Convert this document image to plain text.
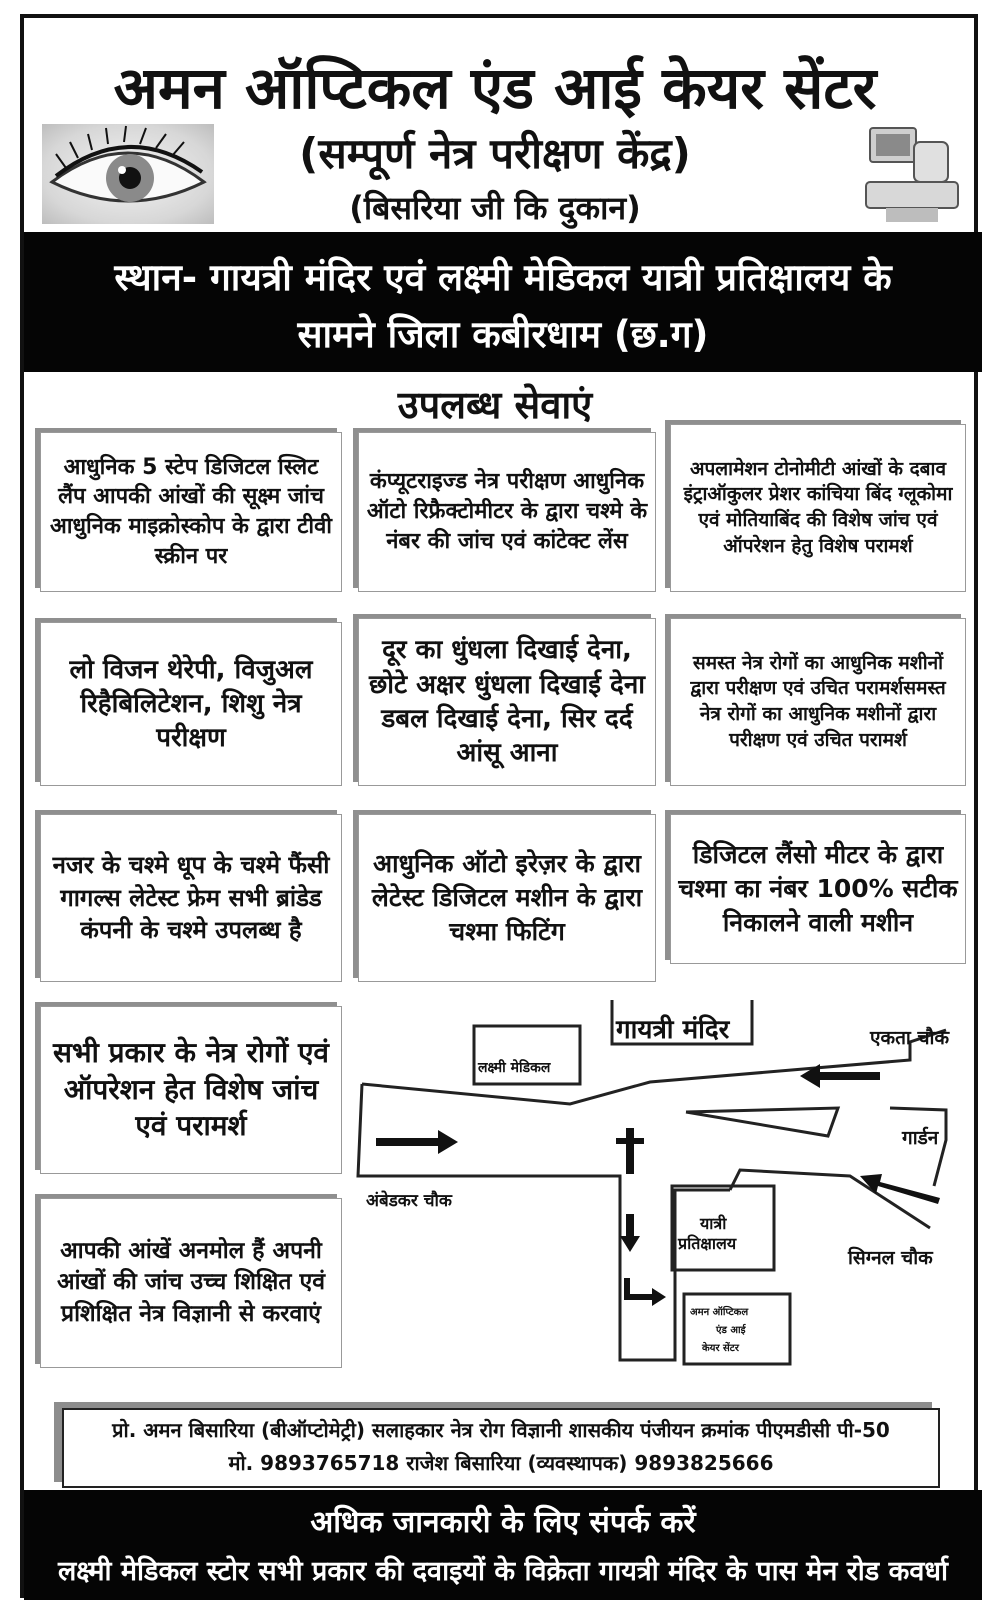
अमन ऑप्टिकल एंड आई केयर सेंटर
(सम्पूर्ण नेत्र परीक्षण केंद्र)
(बिसरिया जी कि दुकान)
स्थान- गायत्री मंदिर एवं लक्ष्मी मेडिकल यात्री प्रतिक्षालय के
सामने जिला कबीरधाम (छ.ग)
उपलब्ध सेवाएं
आधुनिक 5 स्टेप डिजिटल स्लिट लैंप आपकी आंखों की सूक्ष्म जांच आधुनिक माइक्रोस्कोप के द्वारा टीवी स्क्रीन पर
कंप्यूटराइज्ड नेत्र परीक्षण आधुनिक ऑटो रिफ्रैक्टोमीटर के द्वारा चश्मे के नंबर की जांच एवं कांटेक्ट लेंस
अपलामेशन टोनोमीटी आंखों के दबाव इंट्राऑकुलर प्रेशर कांचिया बिंद ग्लूकोमा एवं मोतियाबिंद की विशेष जांच एवं ऑपरेशन हेतु विशेष परामर्श
लो विजन थेरेपी, विजुअल रिहैबिलिटेशन, शिशु नेत्र परीक्षण
दूर का धुंधला दिखाई देना, छोटे अक्षर धुंधला दिखाई देना डबल दिखाई देना, सिर दर्द आंसू आना
समस्त नेत्र रोगों का आधुनिक मशीनों द्वारा परीक्षण एवं उचित परामर्शसमस्त नेत्र रोगों का आधुनिक मशीनों द्वारा परीक्षण एवं उचित परामर्श
नजर के चश्मे धूप के चश्मे फैंसी गागल्स लेटेस्ट फ्रेम सभी ब्रांडेड कंपनी के चश्मे उपलब्ध है
आधुनिक ऑटो इरेज़र के द्वारा लेटेस्ट डिजिटल मशीन के द्वारा चश्मा फिटिंग
डिजिटल लैंसो मीटर के द्वारा चश्मा का नंबर 100% सटीक निकालने वाली मशीन
सभी प्रकार के नेत्र रोगों एवं ऑपरेशन हेत विशेष जांच एवं परामर्श
आपकी आंखें अनमोल हैं अपनी आंखों की जांच उच्च शिक्षित एवं प्रशिक्षित नेत्र विज्ञानी से करवाएं
गायत्री मंदिर	एकता चौक
लक्ष्मी मेडिकल
गार्डन
अंबेडकर चौक
यात्री
प्रतिक्षालय
सिग्नल चौक
अमन ऑप्टिकल
एंड आई
केयर सेंटर
प्रो. अमन बिसारिया (बीऑप्टोमेट्री) सलाहकार नेत्र रोग विज्ञानी शासकीय पंजीयन क्रमांक पीएमडीसी पी-50
मो. 9893765718 राजेश बिसारिया (व्यवस्थापक) 9893825666
अधिक जानकारी के लिए संपर्क करें
लक्ष्मी मेडिकल स्टोर सभी प्रकार की दवाइयों के विक्रेता गायत्री मंदिर के पास मेन रोड कवर्धा
